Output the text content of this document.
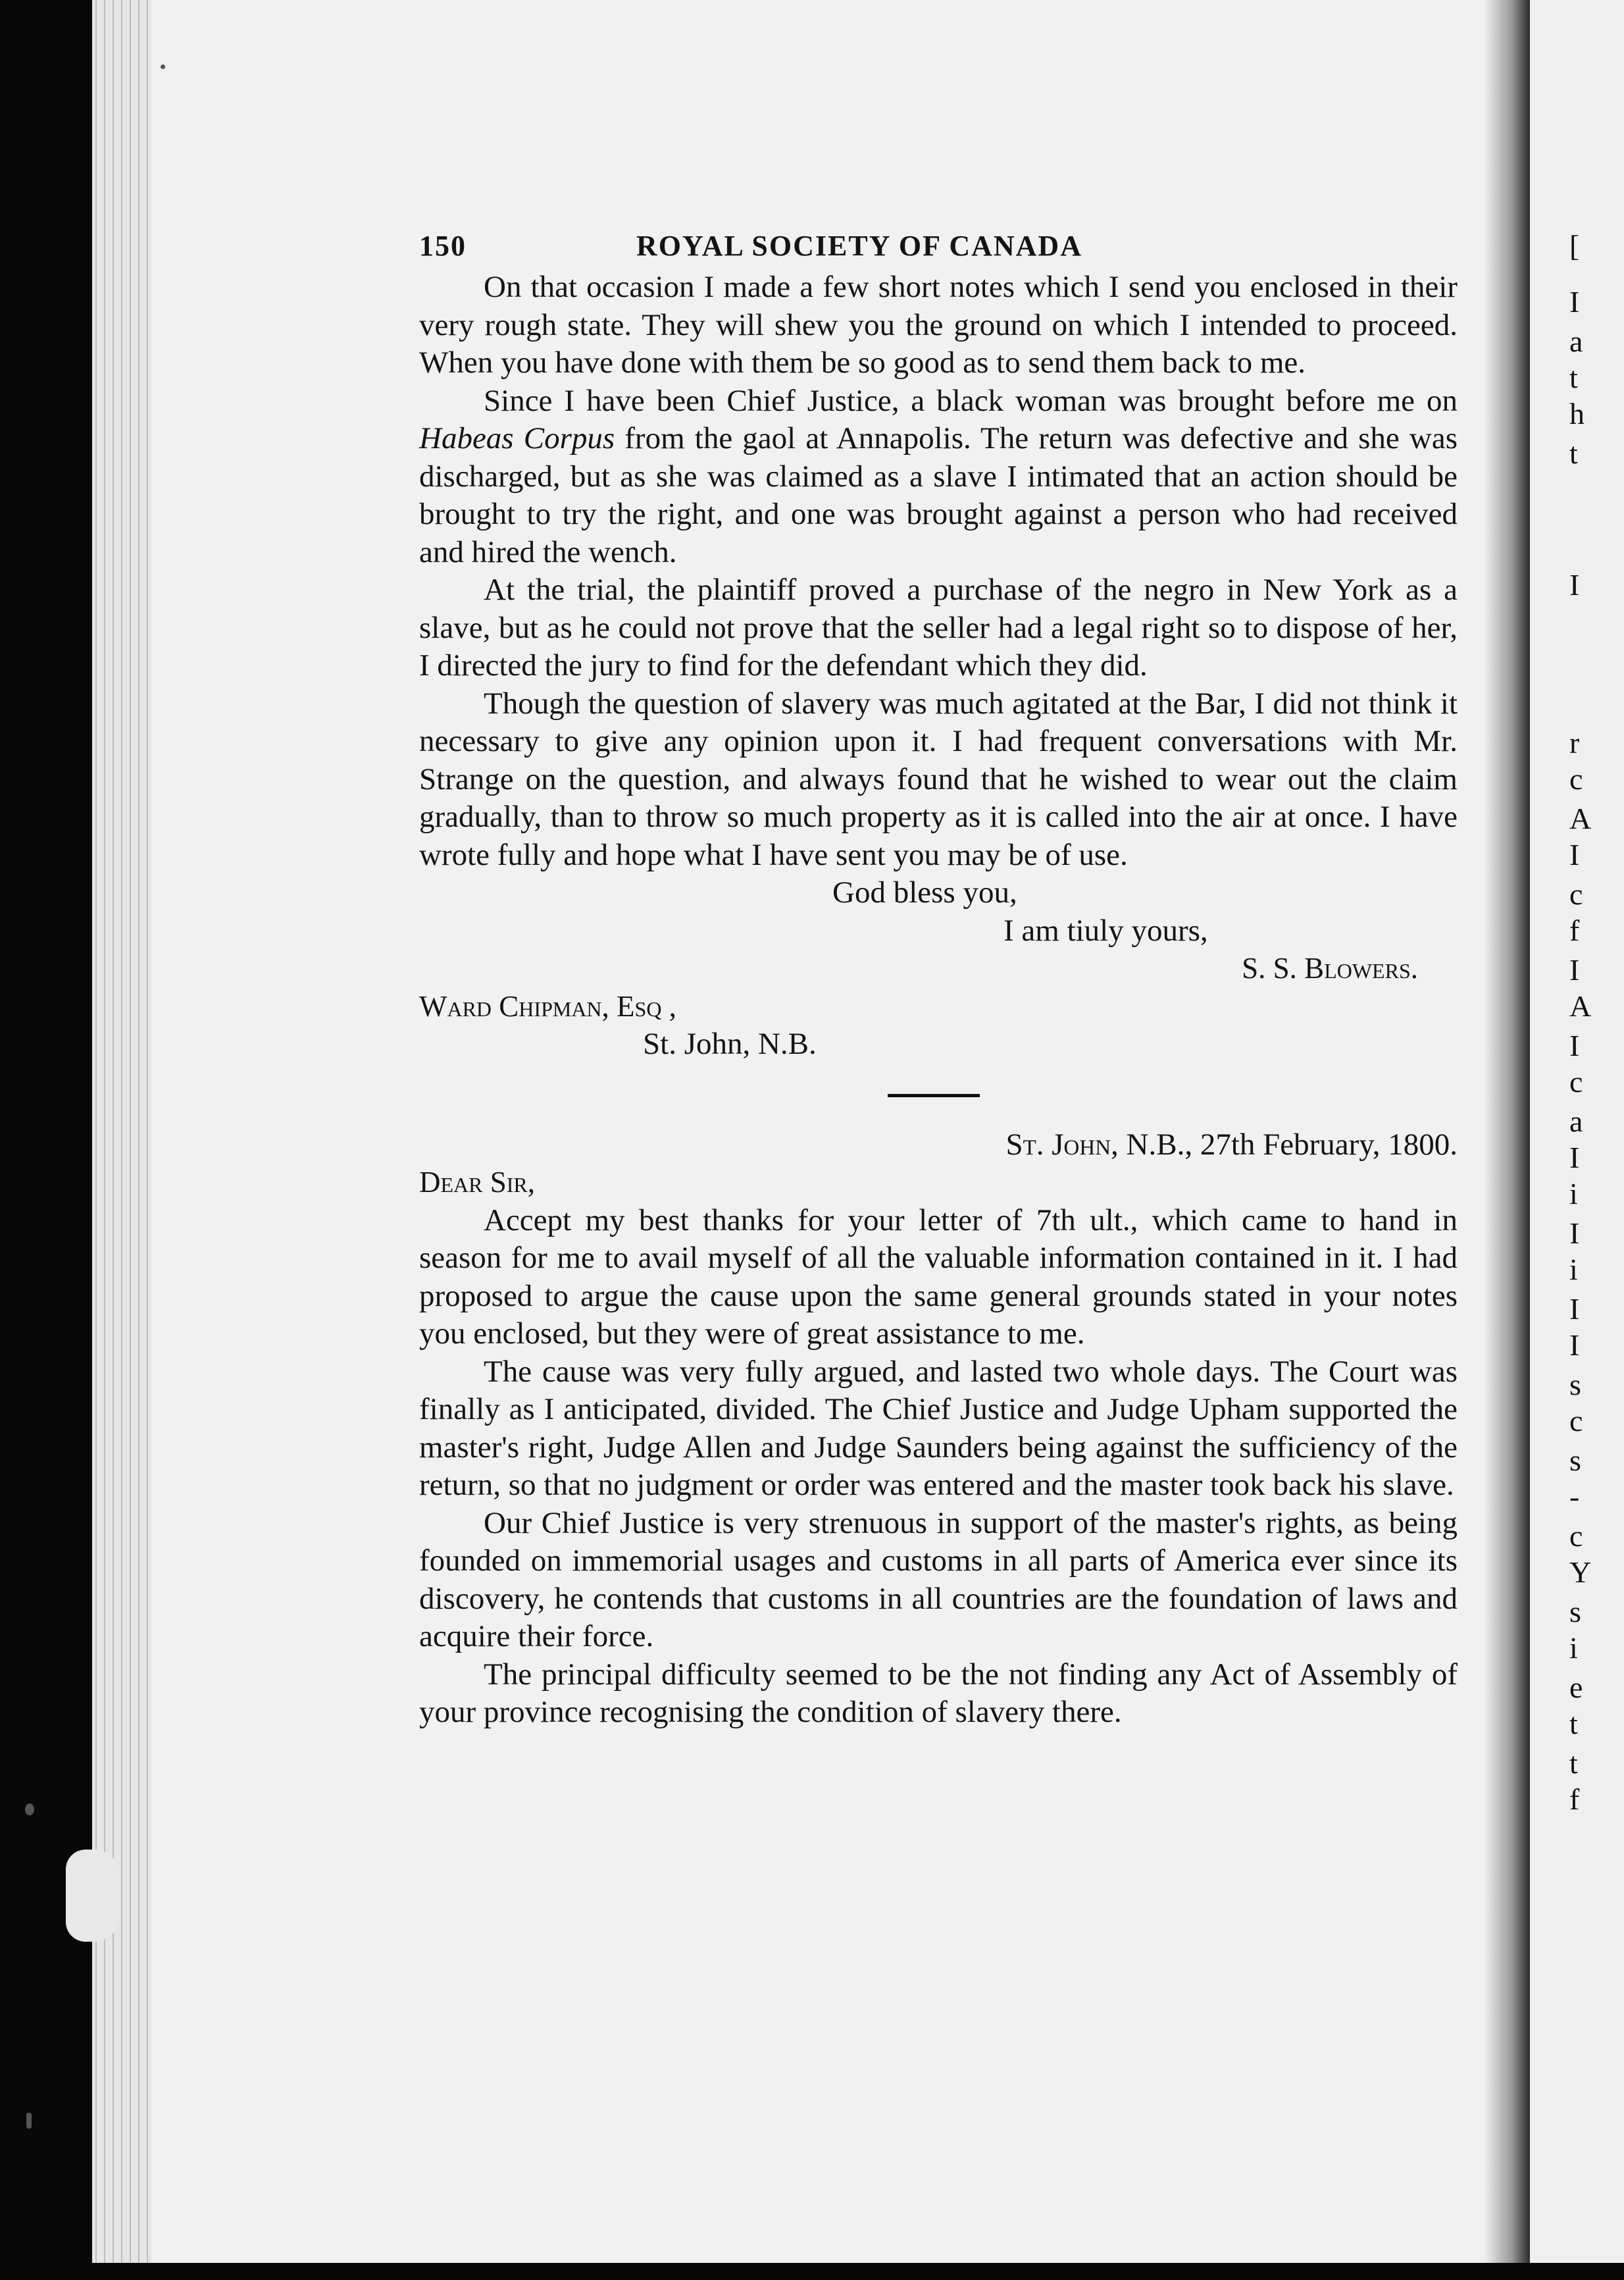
[
I
a
t
h
t
I
r
c
A
I
c
f
I
A
I
c
a
I
i
I
i
I
I
s
c
s
-
c
Y
s
i
e
t
t
f
150	ROYAL SOCIETY OF CANADA

On that occasion I made a few short notes which I send you enclosed in their very rough state. They will shew you the ground on which I intended to proceed. When you have done with them be so good as to send them back to me.

Since I have been Chief Justice, a black woman was brought before me on Habeas Corpus from the gaol at Annapolis. The return was defective and she was discharged, but as she was claimed as a slave I intimated that an action should be brought to try the right, and one was brought against a person who had received and hired the wench.

At the trial, the plaintiff proved a purchase of the negro in New York as a slave, but as he could not prove that the seller had a legal right so to dispose of her, I directed the jury to find for the defendant which they did.

Though the question of slavery was much agitated at the Bar, I did not think it necessary to give any opinion upon it. I had frequent conversations with Mr. Strange on the question, and always found that he wished to wear out the claim gradually, than to throw so much property as it is called into the air at once. I have wrote fully and hope what I have sent you may be of use.

God bless you,

I am tiuly yours,

S. S. Blowers.

Ward Chipman, Esq ,

St. John, N.B.

St. John, N.B., 27th February, 1800.

Dear Sir,

Accept my best thanks for your letter of 7th ult., which came to hand in season for me to avail myself of all the valuable information contained in it. I had proposed to argue the cause upon the same general grounds stated in your notes you enclosed, but they were of great assistance to me.

The cause was very fully argued, and lasted two whole days. The Court was finally as I anticipated, divided. The Chief Justice and Judge Upham supported the master's right, Judge Allen and Judge Saunders being against the sufficiency of the return, so that no judgment or order was entered and the master took back his slave.

Our Chief Justice is very strenuous in support of the master's rights, as being founded on immemorial usages and customs in all parts of America ever since its discovery, he contends that customs in all countries are the foundation of laws and acquire their force.

The principal difficulty seemed to be the not finding any Act of Assembly of your province recognising the condition of slavery there.
